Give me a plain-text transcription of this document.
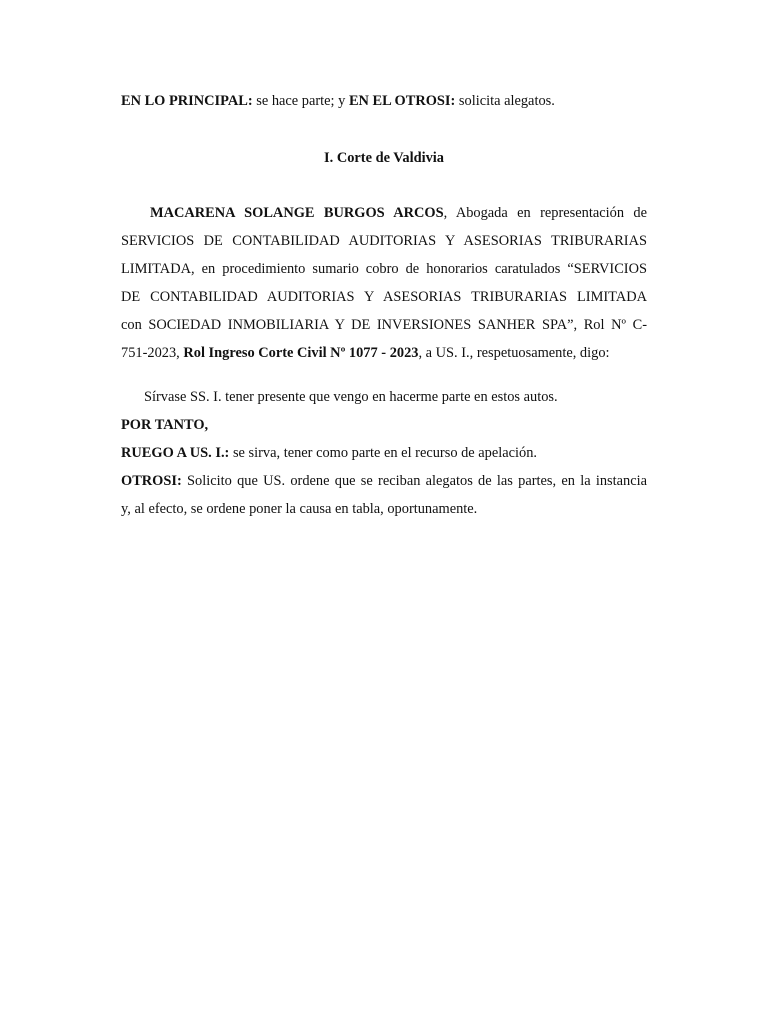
EN LO PRINCIPAL: se hace parte; y EN EL OTROSI: solicita alegatos.
I. Corte de Valdivia
MACARENA SOLANGE BURGOS ARCOS, Abogada en representación de
SERVICIOS DE CONTABILIDAD AUDITORIAS Y ASESORIAS TRIBURARIAS
LIMITADA, en procedimiento sumario cobro de honorarios caratulados “SERVICIOS
DE CONTABILIDAD AUDITORIAS Y ASESORIAS TRIBURARIAS LIMITADA
con SOCIEDAD INMOBILIARIA Y DE INVERSIONES SANHER SPA”, Rol Nº C-
751-2023, Rol Ingreso Corte Civil Nº 1077 - 2023, a US. I., respetuosamente, digo:
Sírvase SS. I. tener presente que vengo en hacerme parte en estos autos.
POR TANTO,
RUEGO A US. I.: se sirva, tener como parte en el recurso de apelación.
OTROSI: Solicito que US. ordene que se reciban alegatos de las partes, en la instancia
y, al efecto, se ordene poner la causa en tabla, oportunamente.
